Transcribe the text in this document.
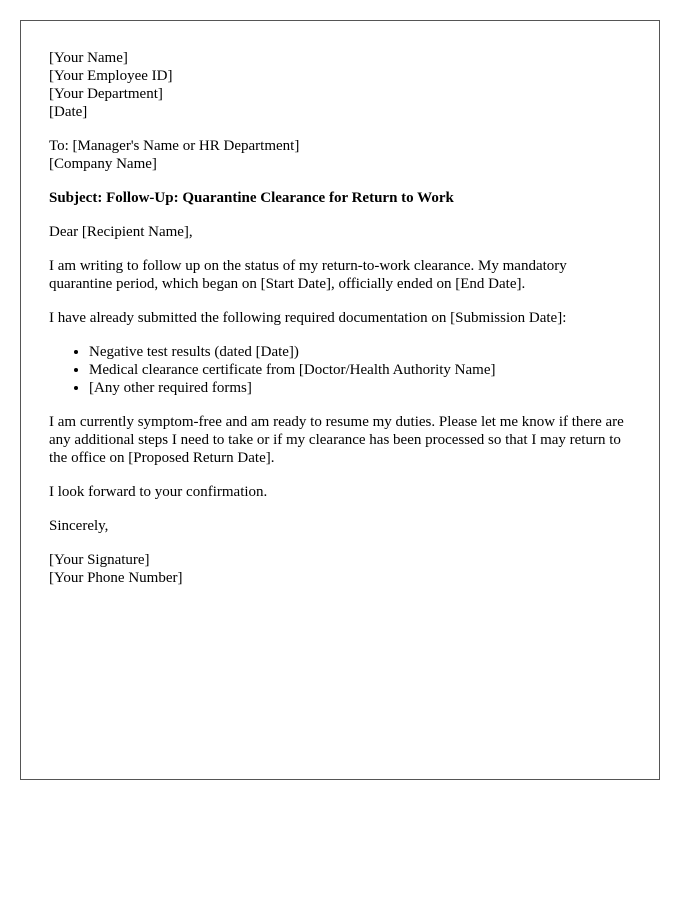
[Your Name]
[Your Employee ID]
[Your Department]
[Date]
To: [Manager's Name or HR Department]
[Company Name]
Subject: Follow-Up: Quarantine Clearance for Return to Work
Dear [Recipient Name],
I am writing to follow up on the status of my return-to-work clearance. My mandatory quarantine period, which began on [Start Date], officially ended on [End Date].
I have already submitted the following required documentation on [Submission Date]:
• Negative test results (dated [Date])
• Medical clearance certificate from [Doctor/Health Authority Name]
• [Any other required forms]
I am currently symptom-free and am ready to resume my duties. Please let me know if there are any additional steps I need to take or if my clearance has been processed so that I may return to the office on [Proposed Return Date].
I look forward to your confirmation.
Sincerely,
[Your Signature]
[Your Phone Number]
